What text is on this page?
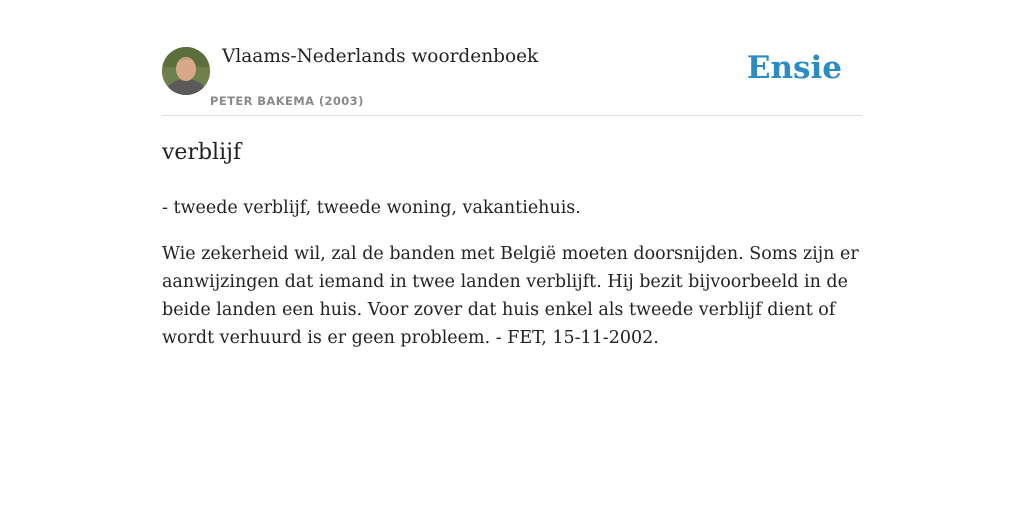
Vlaams-Nederlands woordenboek
PETER BAKEMA (2003)
Ensie
verblijf

- tweede verblijf, tweede woning, vakantiehuis.

Wie zekerheid wil, zal de banden met België moeten doorsnijden. Soms zijn er aanwijzingen dat iemand in twee landen verblijft. Hij bezit bijvoorbeeld in de beide landen een huis. Voor zover dat huis enkel als tweede verblijf dient of wordt verhuurd is er geen probleem. - FET, 15-11-2002.
